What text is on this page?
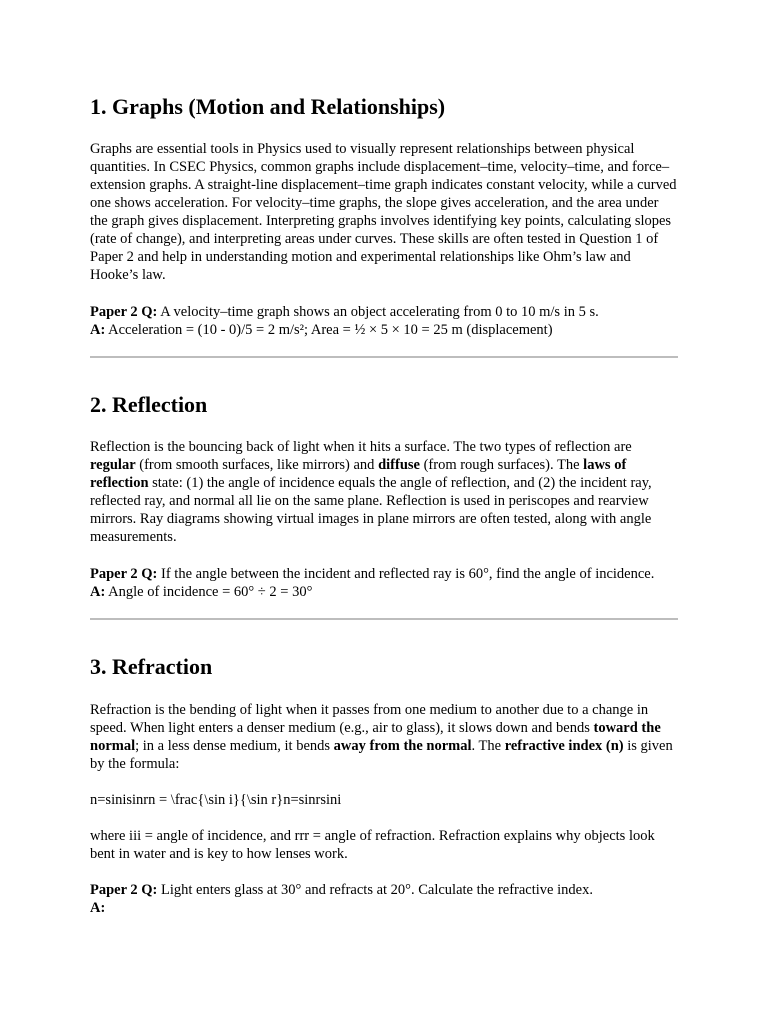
1. Graphs (Motion and Relationships)

Graphs are essential tools in Physics used to visually represent relationships between physical quantities. In CSEC Physics, common graphs include displacement–time, velocity–time, and force–extension graphs. A straight-line displacement–time graph indicates constant velocity, while a curved one shows acceleration. For velocity–time graphs, the slope gives acceleration, and the area under the graph gives displacement. Interpreting graphs involves identifying key points, calculating slopes (rate of change), and interpreting areas under curves. These skills are often tested in Question 1 of Paper 2 and help in understanding motion and experimental relationships like Ohm’s law and Hooke’s law.

Paper 2 Q: A velocity–time graph shows an object accelerating from 0 to 10 m/s in 5 s.
A: Acceleration = (10 - 0)/5 = 2 m/s²; Area = ½ × 5 × 10 = 25 m (displacement)

2. Reflection

Reflection is the bouncing back of light when it hits a surface. The two types of reflection are regular (from smooth surfaces, like mirrors) and diffuse (from rough surfaces). The laws of reflection state: (1) the angle of incidence equals the angle of reflection, and (2) the incident ray, reflected ray, and normal all lie on the same plane. Reflection is used in periscopes and rearview mirrors. Ray diagrams showing virtual images in plane mirrors are often tested, along with angle measurements.

Paper 2 Q: If the angle between the incident and reflected ray is 60°, find the angle of incidence.
A: Angle of incidence = 60° ÷ 2 = 30°

3. Refraction

Refraction is the bending of light when it passes from one medium to another due to a change in speed. When light enters a denser medium (e.g., air to glass), it slows down and bends toward the normal; in a less dense medium, it bends away from the normal. The refractive index (n) is given by the formula:

n=sinisinrn = \frac{\sin i}{\sin r}n=sinrsini

where iii = angle of incidence, and rrr = angle of refraction. Refraction explains why objects look bent in water and is key to how lenses work.

Paper 2 Q: Light enters glass at 30° and refracts at 20°. Calculate the refractive index.
A:
